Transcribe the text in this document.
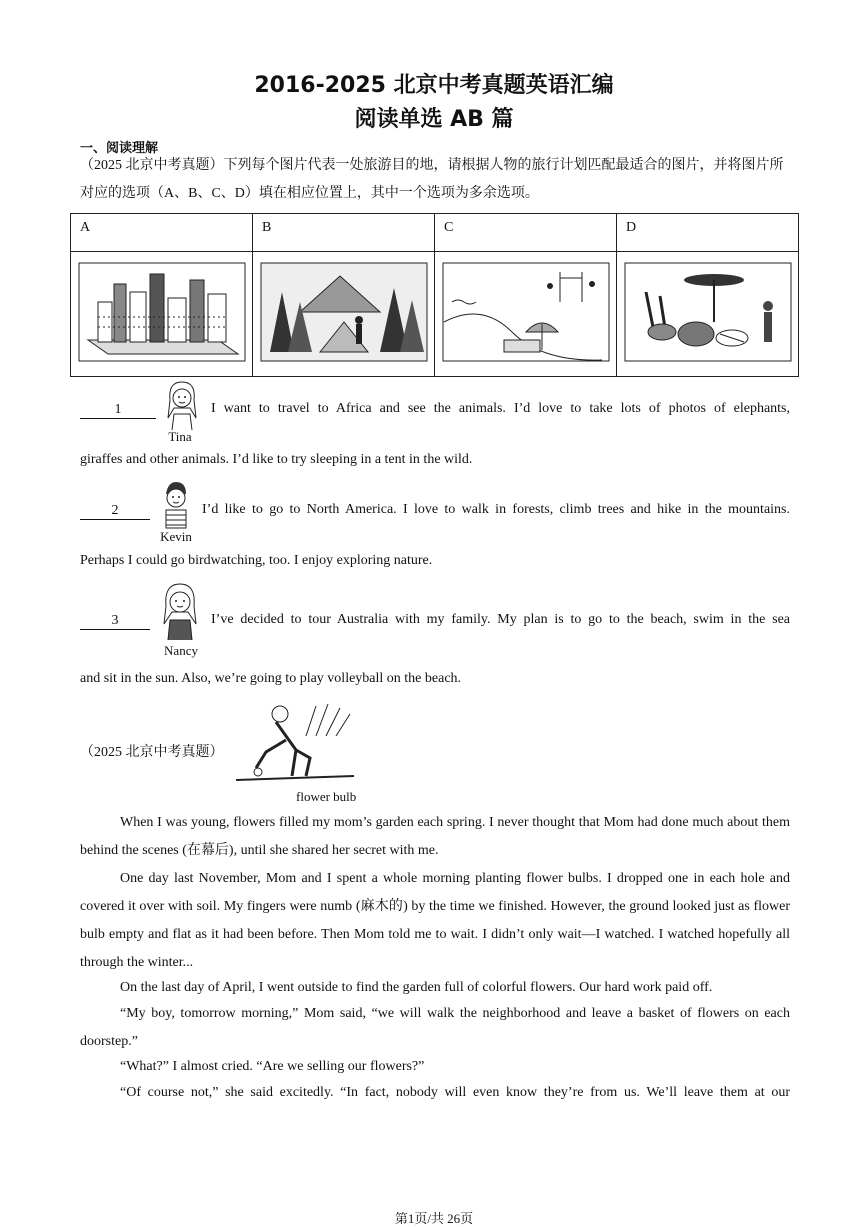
2016-2025 北京中考真题英语汇编
阅读单选 AB 篇
一、阅读理解
（2025 北京中考真题）下列每个图片代表一处旅游目的地，请根据人物的旅行计划匹配最适合的图片，并将图片所对应的选项（A、B、C、D）填在相应位置上，其中一个选项为多余选项。
A	B	C	D

1
Tina
I want to travel to Africa and see the animals. I’d love to take lots of photos of elephants,
giraffes and other animals. I’d like to try sleeping in a tent in the wild.
2
Kevin
I’d like to go to North America. I love to walk in forests, climb trees and hike in the mountains.
Perhaps I could go birdwatching, too. I enjoy exploring nature.
3
Nancy
I’ve decided to tour Australia with my family. My plan is to go to the beach, swim in the sea
and sit in the sun. Also, we’re going to play volleyball on the beach.
（2025 北京中考真题）
flower bulb
When I was young, flowers filled my mom’s garden each spring. I never thought that Mom had done much about them behind the scenes (在幕后), until she shared her secret with me.
One day last November, Mom and I spent a whole morning planting flower bulbs. I dropped one in each hole and covered it over with soil. My fingers were numb (麻木的) by the time we finished. However, the ground looked just as flower bulb empty and flat as it had been before. Then Mom told me to wait. I didn’t only wait—I watched. I watched hopefully all through the winter...
On the last day of April, I went outside to find the garden full of colorful flowers. Our hard work paid off.
“My boy, tomorrow morning,” Mom said, “we will walk the neighborhood and leave a basket of flowers on each doorstep.”
“What?” I almost cried. “Are we selling our flowers?”
“Of course not,” she said excitedly. “In fact, nobody will even know they’re from us. We’ll leave them at our
第1页/共 26页
